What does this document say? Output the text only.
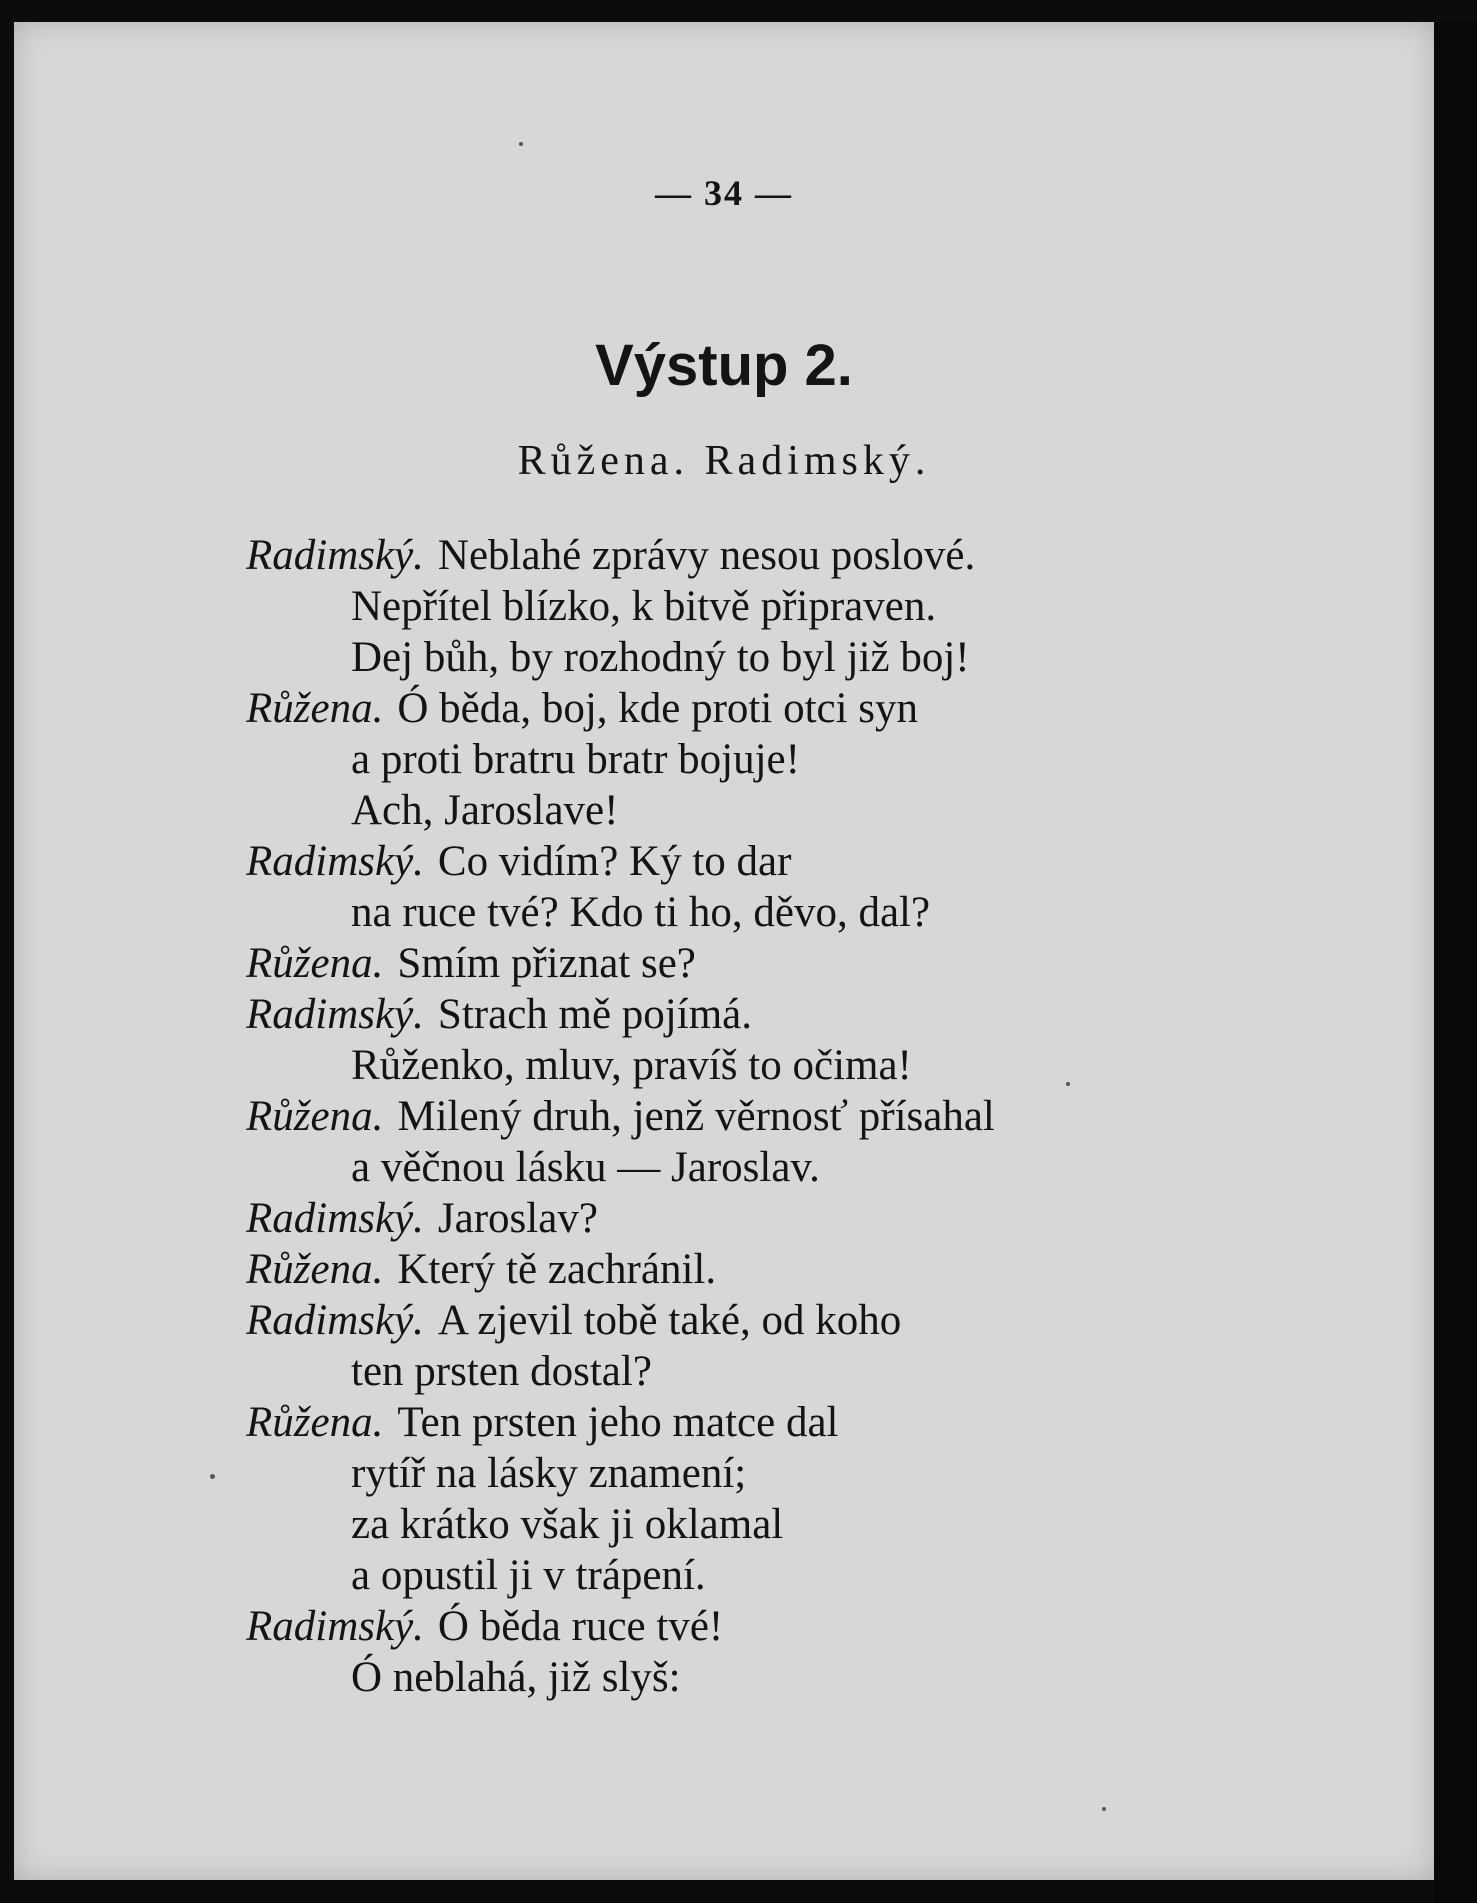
— 34 —
Výstup 2.
Růžena. Radimský.
Radimský. Neblahé zprávy nesou poslové.
Nepřítel blízko, k bitvě připraven.
Dej bůh, by rozhodný to byl již boj!
Růžena. Ó běda, boj, kde proti otci syn
a proti bratru bratr bojuje!
Ach, Jaroslave!
Radimský. Co vidím? Ký to dar
na ruce tvé? Kdo ti ho, děvo, dal?
Růžena. Smím přiznat se?
Radimský. Strach mě pojímá.
Růženko, mluv, pravíš to očima!
Růžena. Milený druh, jenž věrnosť přísahal
a věčnou lásku — Jaroslav.
Radimský. Jaroslav?
Růžena. Který tě zachránil.
Radimský. A zjevil tobě také, od koho
ten prsten dostal?
Růžena. Ten prsten jeho matce dal
rytíř na lásky znamení;
za krátko však ji oklamal
a opustil ji v trápení.
Radimský. Ó běda ruce tvé!
Ó neblahá, již slyš:
